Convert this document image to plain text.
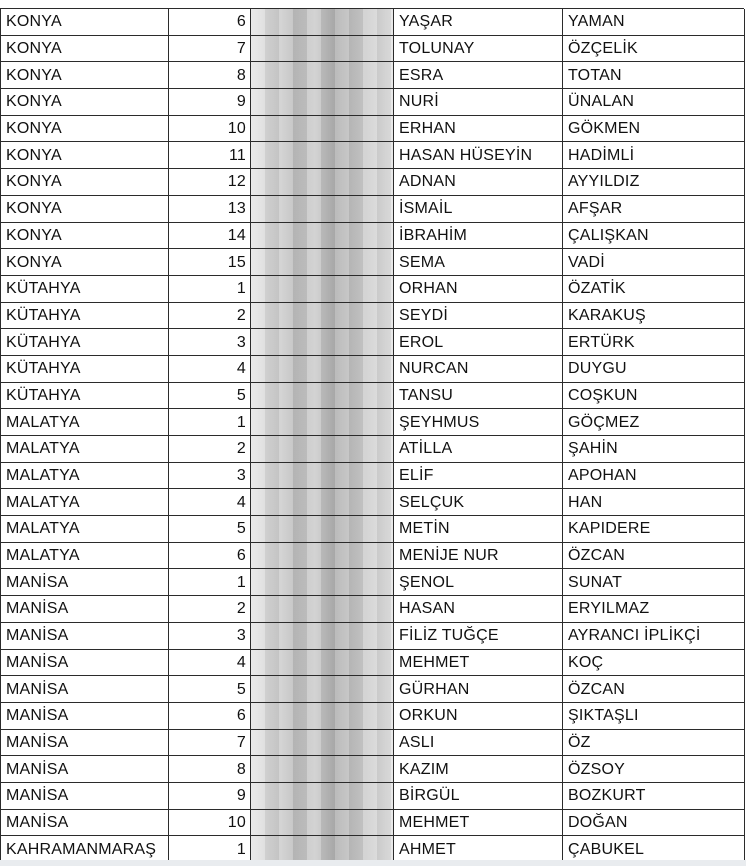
KONYA	6		YAŞAR	YAMAN
KONYA	7		TOLUNAY	ÖZÇELİK
KONYA	8		ESRA	TOTAN
KONYA	9		NURİ	ÜNALAN
KONYA	10		ERHAN	GÖKMEN
KONYA	11		HASAN HÜSEYİN	HADİMLİ
KONYA	12		ADNAN	AYYILDIZ
KONYA	13		İSMAİL	AFŞAR
KONYA	14		İBRAHİM	ÇALIŞKAN
KONYA	15		SEMA	VADİ
KÜTAHYA	1		ORHAN	ÖZATİK
KÜTAHYA	2		SEYDİ	KARAKUŞ
KÜTAHYA	3		EROL	ERTÜRK
KÜTAHYA	4		NURCAN	DUYGU
KÜTAHYA	5		TANSU	COŞKUN
MALATYA	1		ŞEYHMUS	GÖÇMEZ
MALATYA	2		ATİLLA	ŞAHİN
MALATYA	3		ELİF	APOHAN
MALATYA	4		SELÇUK	HAN
MALATYA	5		METİN	KAPIDERE
MALATYA	6		MENİJE NUR	ÖZCAN
MANİSA	1		ŞENOL	SUNAT
MANİSA	2		HASAN	ERYILMAZ
MANİSA	3		FİLİZ TUĞÇE	AYRANCI İPLİKÇİ
MANİSA	4		MEHMET	KOÇ
MANİSA	5		GÜRHAN	ÖZCAN
MANİSA	6		ORKUN	ŞIKTAŞLI
MANİSA	7		ASLI	ÖZ
MANİSA	8		KAZIM	ÖZSOY
MANİSA	9		BİRGÜL	BOZKURT
MANİSA	10		MEHMET	DOĞAN
KAHRAMANMARAŞ	1		AHMET	ÇABUKEL
